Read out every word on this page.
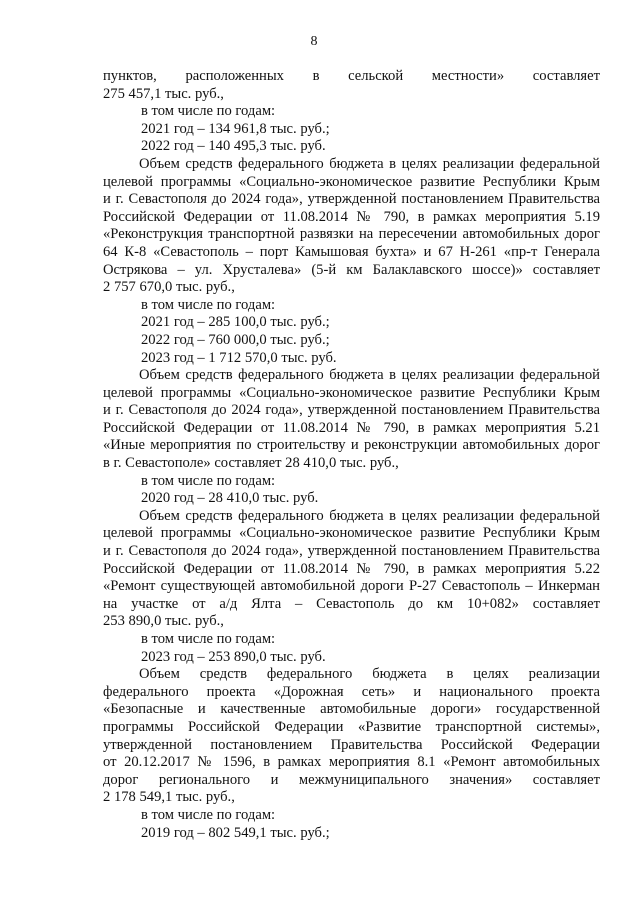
8
пунктов, расположенных в сельской местности» составляет
275 457,1 тыс. руб.,
в том числе по годам:
2021 год – 134 961,8 тыс. руб.;
2022 год – 140 495,3 тыс. руб.
Объем средств федерального бюджета в целях реализации федеральной
целевой программы «Социально-экономическое развитие Республики Крым
и г. Севастополя до 2024 года», утвержденной постановлением Правительства
Российской Федерации от 11.08.2014 № 790, в рамках мероприятия 5.19
«Реконструкция транспортной развязки на пересечении автомобильных дорог
64 К-8 «Севастополь – порт Камышовая бухта» и 67 Н-261 «пр-т Генерала
Острякова – ул. Хрусталева» (5-й км Балаклавского шоссе)» составляет
2 757 670,0 тыс. руб.,
в том числе по годам:
2021 год – 285 100,0 тыс. руб.;
2022 год – 760 000,0 тыс. руб.;
2023 год – 1 712 570,0 тыс. руб.
Объем средств федерального бюджета в целях реализации федеральной
целевой программы «Социально-экономическое развитие Республики Крым
и г. Севастополя до 2024 года», утвержденной постановлением Правительства
Российской Федерации от 11.08.2014 № 790, в рамках мероприятия 5.21
«Иные мероприятия по строительству и реконструкции автомобильных дорог
в г. Севастополе» составляет 28 410,0 тыс. руб.,
в том числе по годам:
2020 год – 28 410,0 тыс. руб.
Объем средств федерального бюджета в целях реализации федеральной
целевой программы «Социально-экономическое развитие Республики Крым
и г. Севастополя до 2024 года», утвержденной постановлением Правительства
Российской Федерации от 11.08.2014 № 790, в рамках мероприятия 5.22
«Ремонт существующей автомобильной дороги Р-27 Севастополь – Инкерман
на участке от а/д Ялта – Севастополь до км 10+082» составляет
253 890,0 тыс. руб.,
в том числе по годам:
2023 год – 253 890,0 тыс. руб.
Объем средств федерального бюджета в целях реализации
федерального проекта «Дорожная сеть» и национального проекта
«Безопасные и качественные автомобильные дороги» государственной
программы Российской Федерации «Развитие транспортной системы»,
утвержденной постановлением Правительства Российской Федерации
от 20.12.2017 № 1596, в рамках мероприятия 8.1 «Ремонт автомобильных
дорог регионального и межмуниципального значения» составляет
2 178 549,1 тыс. руб.,
в том числе по годам:
2019 год – 802 549,1 тыс. руб.;
